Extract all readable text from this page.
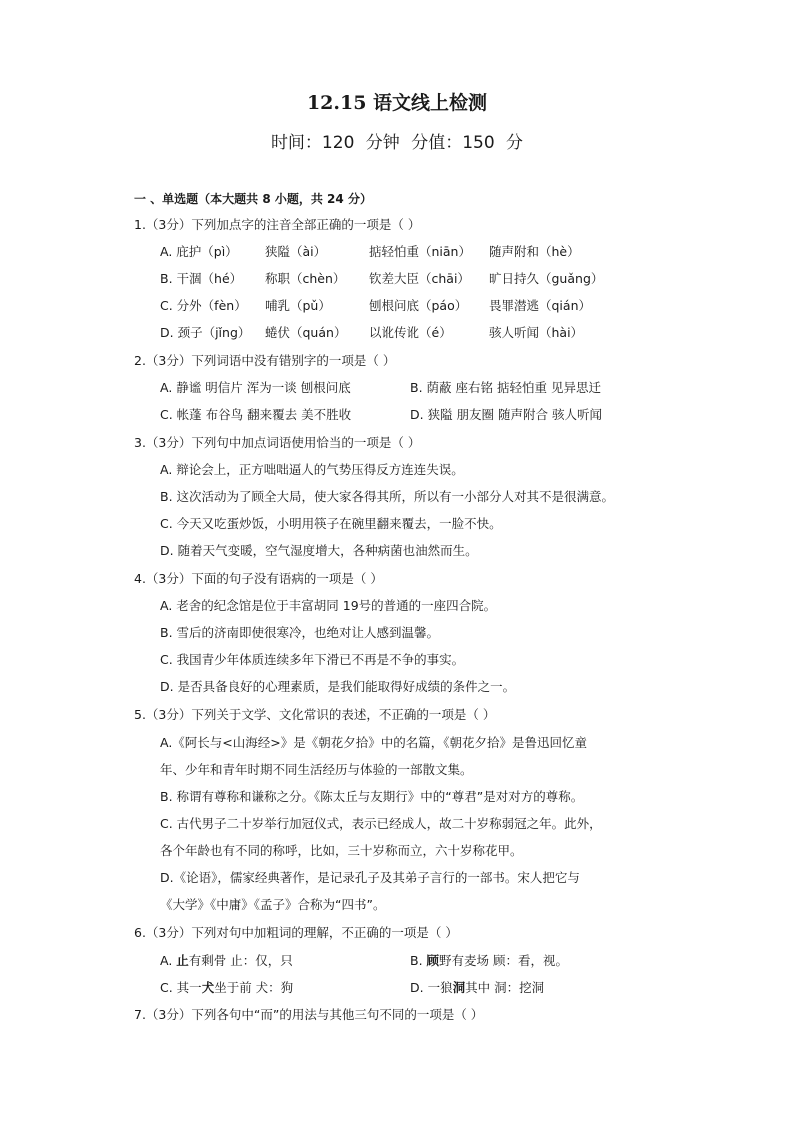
12.15 语文线上检测
时间：120 分钟 分值：150 分
一 、单选题（本大题共 8 小题，共 24 分）
1.（3分）下列加点字的注音全部正确的一项是（ ）
A. 庇护（pì） 狭隘（ài）	掂轻怕重（niān） 随声附和（hè）
B. 干涸（hé） 称职（chèn） 钦差大臣（chāi） 旷日持久（guǎng）
C. 分外（fèn） 哺乳（pǔ）	刨根问底（páo） 畏罪潜逃（qián）
D. 颈子（jǐng） 蜷伏（quán） 以讹传讹（é）	骇人听闻（hài）
2.（3分）下列词语中没有错别字的一项是（ ）
A. 静谧 明信片 浑为一谈 刨根问底	B. 荫蔽 座右铭 掂轻怕重 见异思迁
C. 帐蓬 布谷鸟 翻来覆去 美不胜收	D. 狭隘 朋友圈 随声附合 骇人听闻
3.（3分）下列句中加点词语使用恰当的一项是（ ）
A. 辩论会上，正方咄咄逼人的气势压得反方连连失误。
B. 这次活动为了顾全大局，使大家各得其所，所以有一小部分人对其不是很满意。
C. 今天又吃蛋炒饭，小明用筷子在碗里翻来覆去，一脸不快。
D. 随着天气变暖，空气湿度增大，各种病菌也油然而生。
4.（3分）下面的句子没有语病的一项是（ ）
A. 老舍的纪念馆是位于丰富胡同 19号的普通的一座四合院。
B. 雪后的济南即使很寒冷，也绝对让人感到温馨。
C. 我国青少年体质连续多年下滑已不再是不争的事实。
D. 是否具备良好的心理素质，是我们能取得好成绩的条件之一。
5.（3分）下列关于文学、文化常识的表述，不正确的一项是（ ）
A.《阿长与<山海经>》是《朝花夕拾》中的名篇，《朝花夕拾》是鲁迅回忆童
年、少年和青年时期不同生活经历与体验的一部散文集。
B. 称谓有尊称和谦称之分。《陈太丘与友期行》中的“尊君”是对对方的尊称。
C. 古代男子二十岁举行加冠仪式，表示已经成人，故二十岁称弱冠之年。此外，
各个年龄也有不同的称呼，比如，三十岁称而立，六十岁称花甲。
D.《论语》，儒家经典著作，是记录孔子及其弟子言行的一部书。宋人把它与
《大学》《中庸》《孟子》合称为“四书”。
6.（3分）下列对句中加粗词的理解，不正确的一项是（ ）
A. 止有剩骨 止：仅，只	B. 顾野有麦场 顾：看，视。
C. 其一犬坐于前 犬：狗	D. 一狼洞其中 洞：挖洞
7.（3分）下列各句中“而”的用法与其他三句不同的一项是（ ）
